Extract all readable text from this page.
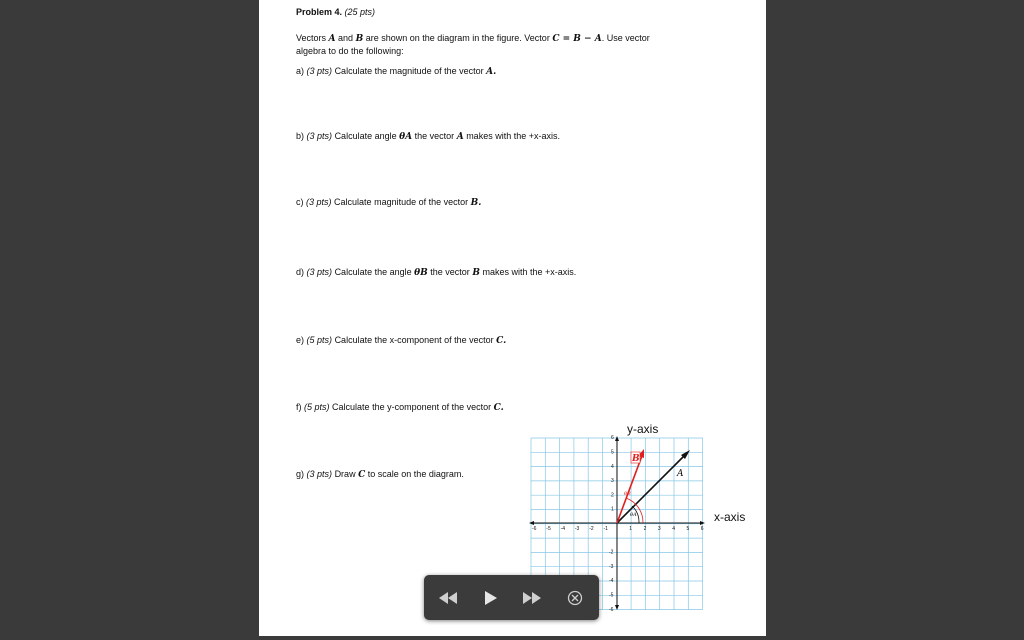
Problem 4. (25 pts)
Vectors A and B are shown on the diagram in the figure. Vector C = B − A. Use vector
algebra to do the following:
a) (3 pts) Calculate the magnitude of the vector A.
b) (3 pts) Calculate angle θA the vector A makes with the +x-axis.
c) (3 pts) Calculate magnitude of the vector B.
d) (3 pts) Calculate the angle θB the vector B makes with the +x-axis.
e) (5 pts) Calculate the x-component of the vector C.
f) (5 pts) Calculate the y-component of the vector C.
g) (3 pts) Draw C to scale on the diagram.
y-axis
x-axis
-6 -5 -4 -3 -2 -1	1 2 3 4 5 6
1
2
3
4
5
6
-2
-3
-4
-5
-6
A
B
θA
θB
